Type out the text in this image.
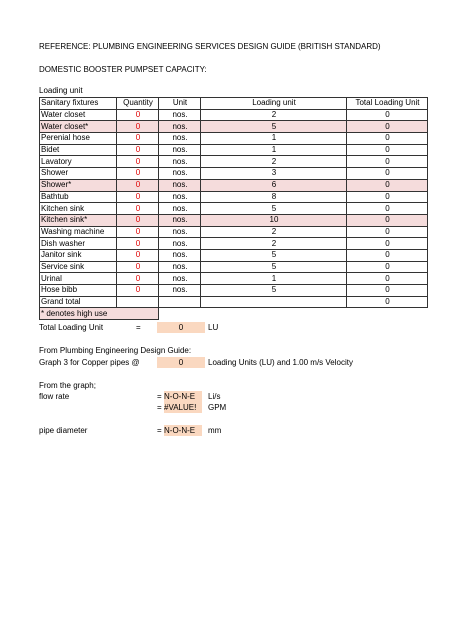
REFERENCE: PLUMBING ENGINEERING SERVICES DESIGN GUIDE (BRITISH STANDARD)
DOMESTIC BOOSTER PUMPSET CAPACITY:
Loading unit
Sanitary fixtures	Quantity	Unit	Loading unit	Total Loading Unit
Water closet	0	nos.	2	0
Water closet*	0	nos.	5	0
Perenial hose	0	nos.	1	0
Bidet	0	nos.	1	0
Lavatory	0	nos.	2	0
Shower	0	nos.	3	0
Shower*	0	nos.	6	0
Bathtub	0	nos.	8	0
Kitchen sink	0	nos.	5	0
Kitchen sink*	0	nos.	10	0
Washing machine	0	nos.	2	0
Dish washer	0	nos.	2	0
Janitor sink	0	nos.	5	0
Service sink	0	nos.	5	0
Urinal	0	nos.	1	0
Hose bibb	0	nos.	5	0
Grand total				0
* denotes high use				
Total Loading Unit	=	0	LU
From Plumbing Engineering Design Guide:
Graph 3 for Copper pipes @	0	Loading Units (LU) and 1.00 m/s Velocity
From the graph;
flow rate	= N-O-N-E	Li/s
= #VALUE!	GPM
pipe diameter	= N-O-N-E	mm
